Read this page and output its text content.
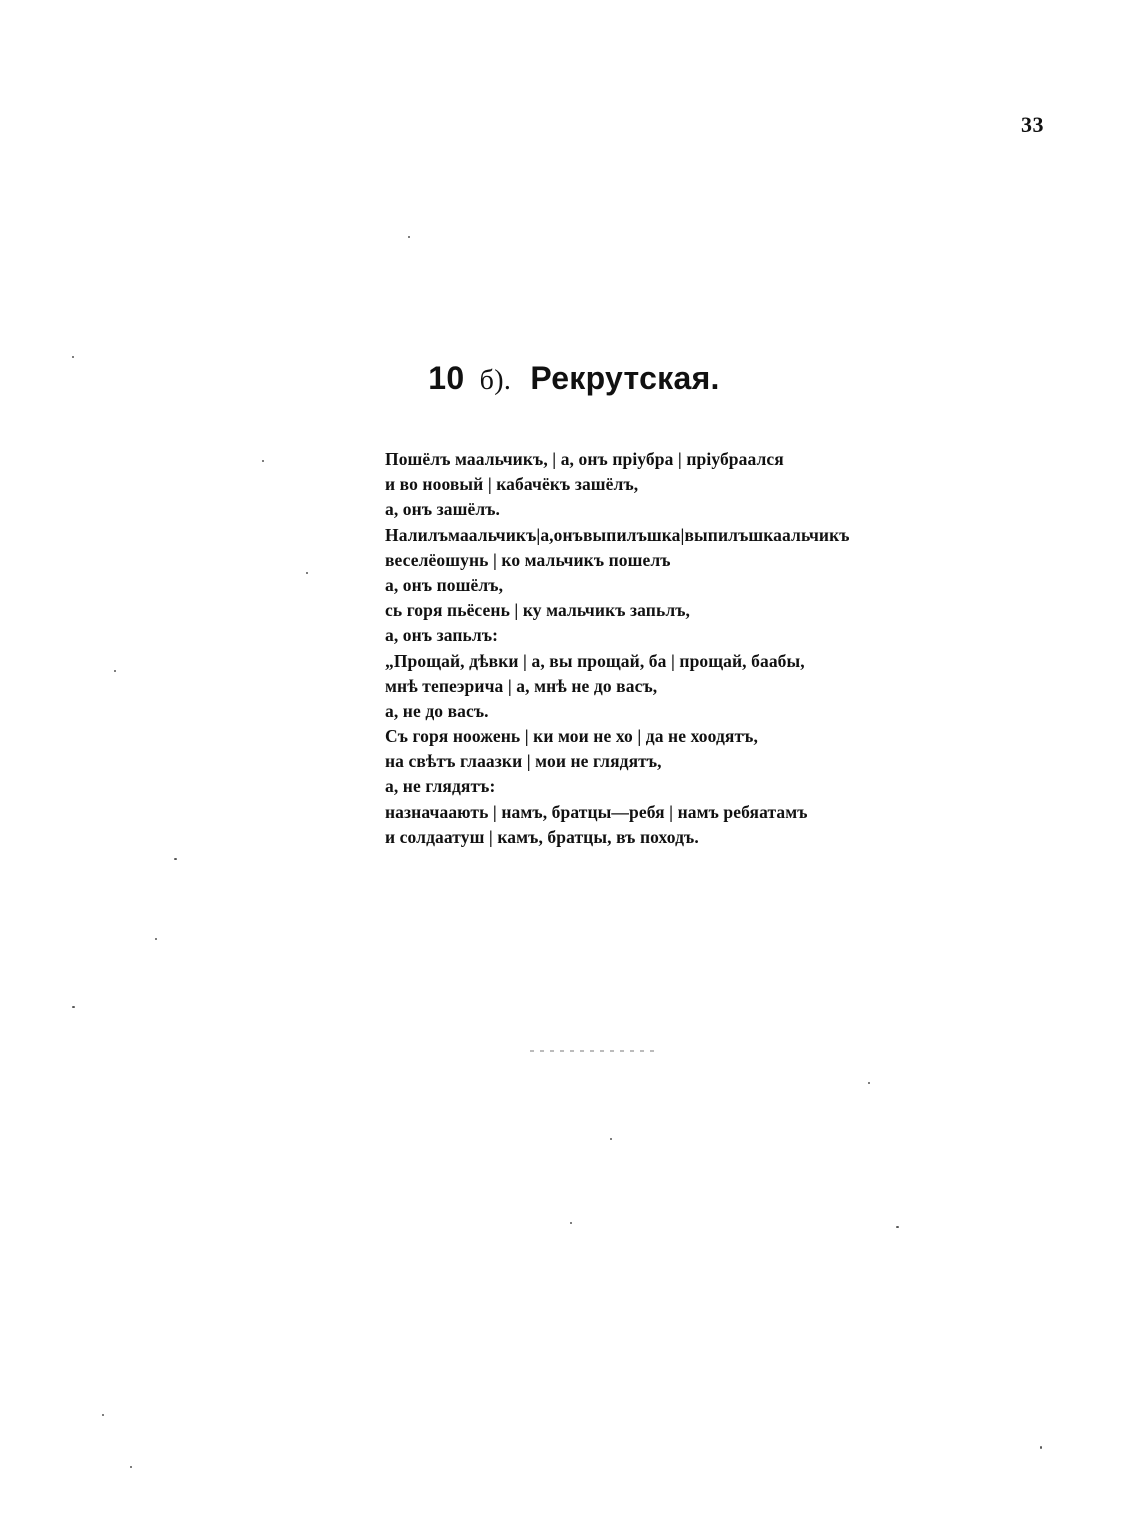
33
10 б). Рекрутская.
Пошёлъ маальчикъ, | а, онъ прiубра | прiубраался
и во ноовый | кабачёкъ зашёлъ,
а, онъ зашёлъ.
Налилъмаальчикъ|а,онъвыпилъшка|выпилъшкаальчикъ
веселёошунь | ко мальчикъ пошелъ
а, онъ пошёлъ,
сь горя пьёсень | ку мальчикъ запьлъ,
а, онъ запьлъ:
„Прощай, дѣвки | а, вы прощай, ба | прощай, баабы,
мнѣ тепеэрича | а, мнѣ не до васъ,
а, не до васъ.
Съ горя ноожень | ки мои не хо | да не хоодятъ,
на свѣтъ глаазки | мои не глядятъ,
а, не глядятъ:
назначаають | намъ, братцы—ребя | намъ ребяатамъ
и солдаатуш | камъ, братцы, въ походъ.
